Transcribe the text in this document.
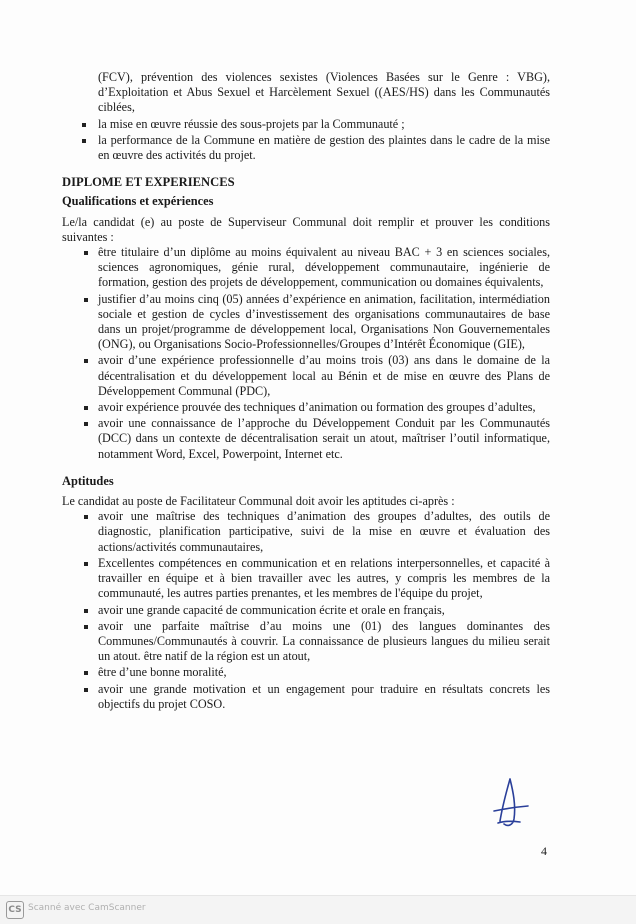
(FCV), prévention des violences sexistes (Violences Basées sur le Genre : VBG), d’Exploitation et Abus Sexuel et Harcèlement Sexuel ((AES/HS) dans les Communautés ciblées,

la mise en œuvre réussie des sous-projets par la Communauté ;
la performance de la Commune en matière de gestion des plaintes dans le cadre de la mise en œuvre des activités du projet.
DIPLOME ET EXPERIENCES
Qualifications et expériences

Le/la candidat (e) au poste de Superviseur Communal doit remplir et prouver les conditions suivantes :

être titulaire d’un diplôme au moins équivalent au niveau BAC + 3 en sciences sociales, sciences agronomiques, génie rural, développement communautaire, ingénierie de formation, gestion des projets de développement, communication ou domaines équivalents,
justifier d’au moins cinq (05) années d’expérience en animation, facilitation, intermédiation sociale et gestion de cycles d’investissement des organisations communautaires de base dans un projet/programme de développement local, Organisations Non Gouvernementales (ONG), ou Organisations Socio-Professionnelles/Groupes d’Intérêt Économique (GIE),
avoir d’une expérience professionnelle d’au moins trois (03) ans dans le domaine de la décentralisation et du développement local au Bénin et de mise en œuvre des Plans de Développement Communal (PDC),
avoir expérience prouvée des techniques d’animation ou formation des groupes d’adultes,
avoir une connaissance de l’approche du Développement Conduit par les Communautés (DCC) dans un contexte de décentralisation serait un atout, maîtriser l’outil informatique, notamment Word, Excel, Powerpoint, Internet etc.
Aptitudes

Le candidat au poste de Facilitateur Communal doit avoir les aptitudes ci-après :

avoir une maîtrise des techniques d’animation des groupes d’adultes, des outils de diagnostic, planification participative, suivi de la mise en œuvre et évaluation des actions/activités communautaires,
Excellentes compétences en communication et en relations interpersonnelles, et capacité à travailler en équipe et à bien travailler avec les autres, y compris les membres de la communauté, les autres parties prenantes, et les membres de l'équipe du projet,
avoir une grande capacité de communication écrite et orale en français,
avoir une parfaite maîtrise d’au moins une (01) des langues dominantes des Communes/Communautés à couvrir. La connaissance de plusieurs langues du milieu serait un atout. être natif de la région est un atout,
être d’une bonne moralité,
avoir une grande motivation et un engagement pour traduire en résultats concrets les objectifs du projet COSO.
4
CS Scanné avec CamScanner
